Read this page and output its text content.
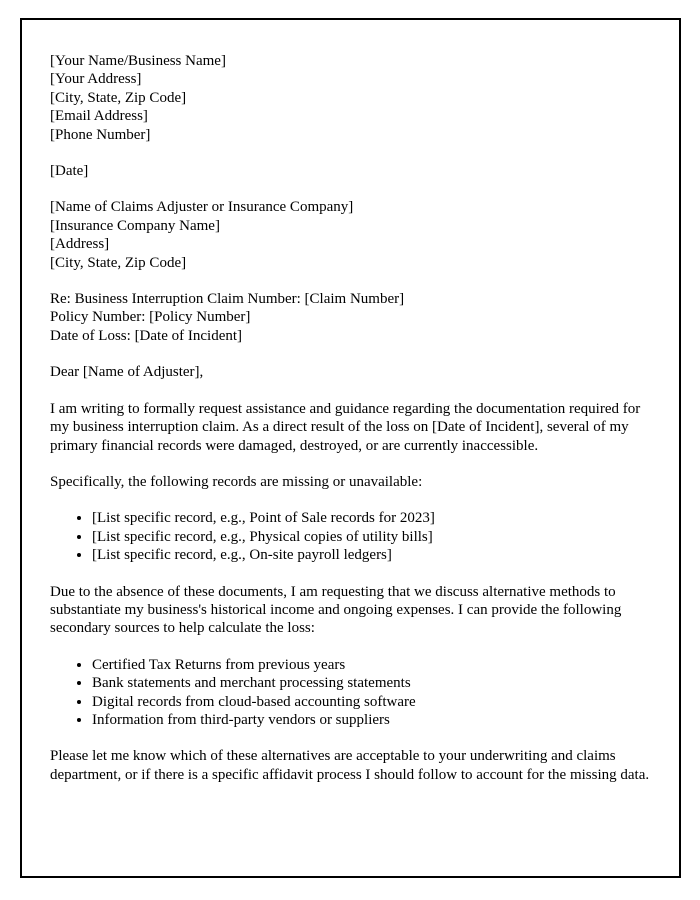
[Your Name/Business Name]
[Your Address]
[City, State, Zip Code]
[Email Address]
[Phone Number]
[Date]
[Name of Claims Adjuster or Insurance Company]
[Insurance Company Name]
[Address]
[City, State, Zip Code]
Re: Business Interruption Claim Number: [Claim Number]
Policy Number: [Policy Number]
Date of Loss: [Date of Incident]

Dear [Name of Adjuster],

I am writing to formally request assistance and guidance regarding the documentation required for my business interruption claim. As a direct result of the loss on [Date of Incident], several of my primary financial records were damaged, destroyed, or are currently inaccessible.

Specifically, the following records are missing or unavailable:

• [List specific record, e.g., Point of Sale records for 2023]
• [List specific record, e.g., Physical copies of utility bills]
• [List specific record, e.g., On-site payroll ledgers]

Due to the absence of these documents, I am requesting that we discuss alternative methods to substantiate my business's historical income and ongoing expenses. I can provide the following secondary sources to help calculate the loss:

• Certified Tax Returns from previous years
• Bank statements and merchant processing statements
• Digital records from cloud-based accounting software
• Information from third-party vendors or suppliers

Please let me know which of these alternatives are acceptable to your underwriting and claims department, or if there is a specific affidavit process I should follow to account for the missing data.
